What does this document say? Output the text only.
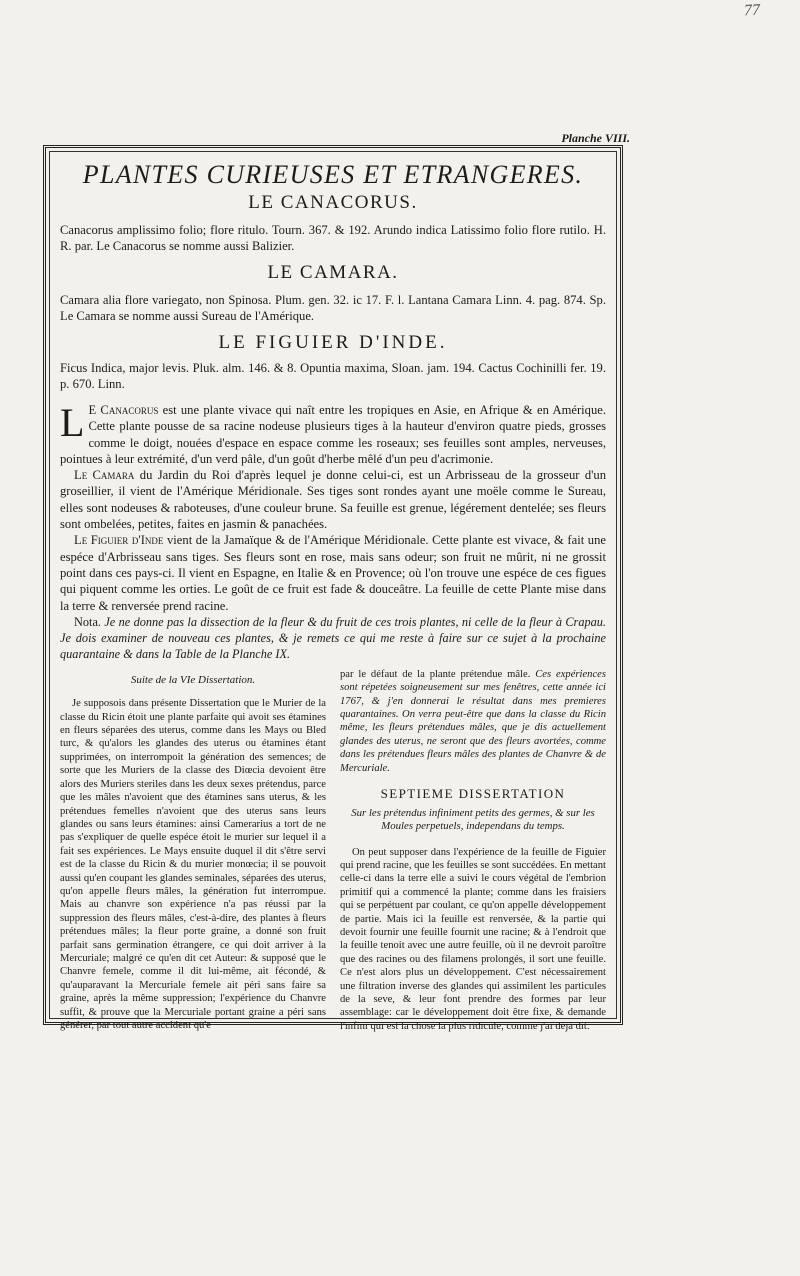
77
Planche VIII.
PLANTES CURIEUSES ET ETRANGERES.
LE CANACORUS.

Canacorus amplissimo folio; flore ritulo. Tourn. 367. & 192. Arundo indica Latissimo folio flore rutilo. H. R. par. Le Canacorus se nomme aussi Balizier.

LE CAMARA.

Camara alia flore variegato, non Spinosa. Plum. gen. 32. ic 17. F. l. Lantana Camara Linn. 4. pag. 874. Sp. Le Camara se nomme aussi Sureau de l'Amérique.

LE FIGUIER D'INDE.

Ficus Indica, major levis. Pluk. alm. 146. & 8. Opuntia maxima, Sloan. jam. 194. Cactus Cochinilli fer. 19. p. 670. Linn.

L E Canacorus est une plante vivace qui naît entre les tropiques en Asie, en Afrique & en Amérique. Cette plante pousse de sa racine nodeuse plusieurs tiges à la hauteur d'environ quatre pieds, grosses comme le doigt, nouées d'espace en espace comme les roseaux; ses feuilles sont amples, nerveuses, pointues à leur extrémité, d'un verd pâle, d'un goût d'herbe mêlé d'un peu d'acrimonie.

Le Camara du Jardin du Roi d'après lequel je donne celui-ci, est un Arbrisseau de la grosseur d'un groseillier, il vient de l'Amérique Méridionale. Ses tiges sont rondes ayant une moële comme le Sureau, elles sont nodeuses & raboteuses, d'une couleur brune. Sa feuille est grenue, légérement dentelée; ses fleurs sont ombelées, petites, faites en jasmin & panachées.

Le Figuier d'Inde vient de la Jamaïque & de l'Amérique Méridionale. Cette plante est vivace, & fait une espéce d'Arbrisseau sans tiges. Ses fleurs sont en rose, mais sans odeur; son fruit ne mûrit, ni ne grossit point dans ces pays-ci. Il vient en Espagne, en Italie & en Provence; où l'on trouve une espéce de ces figues qui piquent comme les orties. Le goût de ce fruit est fade & douceâtre. La feuille de cette Plante mise dans la terre & renversée prend racine.

Nota. Je ne donne pas la dissection de la fleur & du fruit de ces trois plantes, ni celle de la fleur à Crapau. Je dois examiner de nouveau ces plantes, & je remets ce qui me reste à faire sur ce sujet à la prochaine quarantaine & dans la Table de la Planche IX.

Suite de la VIe Dissertation.

Je supposois dans présente Dissertation que le Murier de la classe du Ricin étoit une plante parfaite qui avoit ses étamines en fleurs séparées des uterus, comme dans les Mays ou Bled turc, & qu'alors les glandes des uterus ou étamines étant supprimées, on interrompoit la génération des semences; de sorte que les Muriers de la classe des Diœcia devoient être alors des Muriers steriles dans les deux sexes prétendus, parce que les mâles n'avoient que des étamines sans uterus, & les prétendues femelles n'avoient que des uterus sans leurs glandes ou sans leurs étamines: ainsi Camerarius a tort de ne pas s'expliquer de quelle espéce étoit le murier sur lequel il a fait ses expériences. Le Mays ensuite duquel il dit s'être servi est de la classe du Ricin & du murier monœcia; il se pouvoit aussi qu'en coupant les glandes seminales, séparées des uterus, qu'on appelle fleurs mâles, la génération fut interrompue. Mais au chanvre son expérience n'a pas réussi par la suppression des fleurs mâles, c'est-à-dire, des plantes à fleurs prétendues mâles; la fleur porte graine, a donné son fruit parfait sans germination étrangere, ce qui doit arriver à la Mercuriale; malgré ce qu'en dit cet Auteur: & supposé que le Chanvre femele, comme il dit lui-même, ait fécondé, & qu'auparavant la Mercuriale femele ait péri sans faire sa graine, après la même suppression; l'expérience du Chanvre suffit, & prouve que la Mercuriale portant graine a péri sans générer, par tout autre accident qu'e

par le défaut de la plante prétendue mâle. Ces expériences sont répetées soigneusement sur mes fenêtres, cette année ici 1767, & j'en donnerai le résultat dans mes premieres quarantaines. On verra peut-être que dans la classe du Ricin même, les fleurs prétendues mâles, que je dis actuellement glandes des uterus, ne seront que des fleurs avortées, comme dans les prétendues fleurs mâles des plantes de Chanvre & de Mercuriale.

SEPTIEME DISSERTATION
Sur les prétendus infiniment petits des germes, & sur les Moules perpetuels, independans du temps.

On peut supposer dans l'expérience de la feuille de Figuier qui prend racine, que les feuilles se sont succédées. En mettant celle-ci dans la terre elle a suivi le cours végétal de l'embrion primitif qui a commencé la plante; comme dans les fraisiers qui se perpétuent par coulant, ce qu'on appelle développement de partie. Mais ici la feuille est renversée, & la partie qui devoit fournir une feuille fournit une racine; & à l'endroit que la feuille tenoit avec une autre feuille, où il ne devroit paroître que des racines ou des filamens prolongés, il sort une feuille. Ce n'est alors plus un développement. C'est nécessairement une filtration inverse des glandes qui assimilent les particules de la seve, & leur font prendre des formes par leur assemblage: car le développement doit être fixe, & demande l'infini qui est la chose la plus ridicule, comme j'ai déjà dit.
